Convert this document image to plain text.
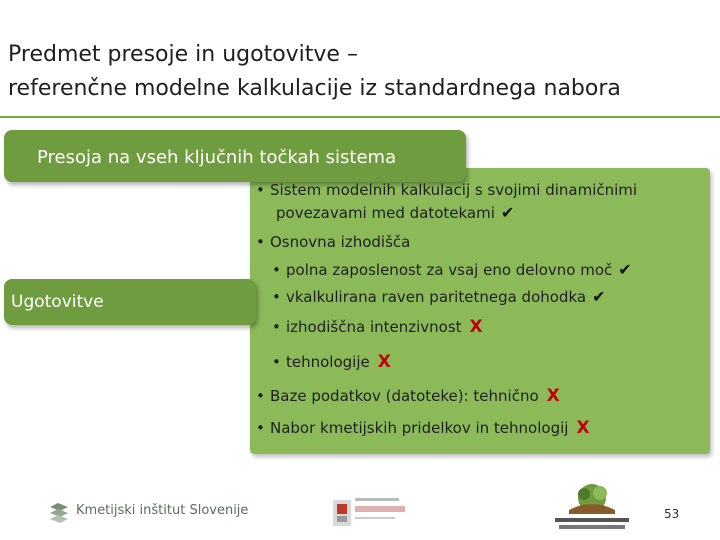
Predmet presoje in ugotovitve –
referenčne modelne kalkulacije iz standardnega nabora
Presoja na vseh ključnih točkah sistema
Ugotovitve
• Sistem modelnih kalkulacij s svojimi dinamičnimi
povezavami med datotekami ✔
• Osnovna izhodišča
• polna zaposlenost za vsaj eno delovno moč ✔
• vkalkulirana raven paritetnega dohodka ✔
• izhodiščna intenzivnost X
• tehnologije X
• Baze podatkov (datoteke): tehnično X
• Nabor kmetijskih pridelkov in tehnologij X
Kmetijski inštitut Slovenije	53
